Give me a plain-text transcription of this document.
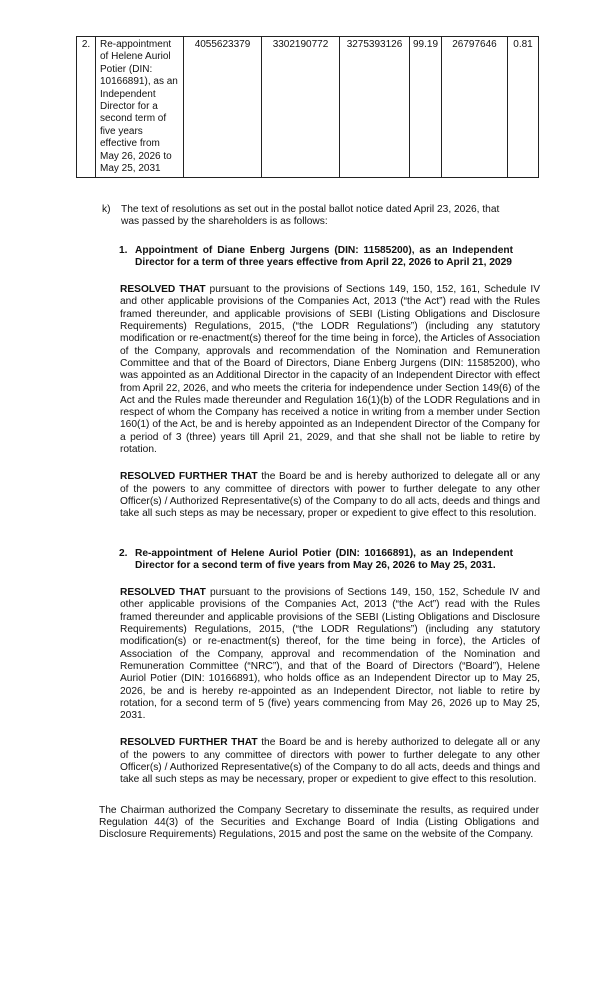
2.	Re-appointment of Helene Auriol Potier (DIN: 10166891), as an Independent Director for a second term of five years effective from May 26, 2026 to May 25, 2031	4055623379	3302190772	3275393126	99.19	26797646	0.81
k)	The text of resolutions as set out in the postal ballot notice dated April 23, 2026, that was passed by the shareholders is as follows:
1. Appointment of Diane Enberg Jurgens (DIN: 11585200), as an Independent Director for a term of three years effective from April 22, 2026 to April 21, 2029

RESOLVED THAT pursuant to the provisions of Sections 149, 150, 152, 161, Schedule IV and other applicable provisions of the Companies Act, 2013 (“the Act”) read with the Rules framed thereunder, and applicable provisions of SEBI (Listing Obligations and Disclosure Requirements) Regulations, 2015, (“the LODR Regulations”) (including any statutory modification or re-enactment(s) thereof for the time being in force), the Articles of Association of the Company, approvals and recommendation of the Nomination and Remuneration Committee and that of the Board of Directors, Diane Enberg Jurgens (DIN: 11585200), who was appointed as an Additional Director in the capacity of an Independent Director with effect from April 22, 2026, and who meets the criteria for independence under Section 149(6) of the Act and the Rules made thereunder and Regulation 16(1)(b) of the LODR Regulations and in respect of whom the Company has received a notice in writing from a member under Section 160(1) of the Act, be and is hereby appointed as an Independent Director of the Company for a period of 3 (three) years till April 21, 2029, and that she shall not be liable to retire by rotation.

RESOLVED FURTHER THAT the Board be and is hereby authorized to delegate all or any of the powers to any committee of directors with power to further delegate to any other Officer(s) / Authorized Representative(s) of the Company to do all acts, deeds and things and take all such steps as may be necessary, proper or expedient to give effect to this resolution.

2. Re-appointment of Helene Auriol Potier (DIN: 10166891), as an Independent Director for a second term of five years from May 26, 2026 to May 25, 2031.

RESOLVED THAT pursuant to the provisions of Sections 149, 150, 152, Schedule IV and other applicable provisions of the Companies Act, 2013 (“the Act”) read with the Rules framed thereunder and applicable provisions of the SEBI (Listing Obligations and Disclosure Requirements) Regulations, 2015, (“the LODR Regulations”) (including any statutory modification(s) or re-enactment(s) thereof, for the time being in force), the Articles of Association of the Company, approval and recommendation of the Nomination and Remuneration Committee (“NRC”), and that of the Board of Directors (“Board”), Helene Auriol Potier (DIN: 10166891), who holds office as an Independent Director up to May 25, 2026, be and is hereby re-appointed as an Independent Director, not liable to retire by rotation, for a second term of 5 (five) years commencing from May 26, 2026 up to May 25, 2031.

RESOLVED FURTHER THAT the Board be and is hereby authorized to delegate all or any of the powers to any committee of directors with power to further delegate to any other Officer(s) / Authorized Representative(s) of the Company to do all acts, deeds and things and take all such steps as may be necessary, proper or expedient to give effect to this resolution.

The Chairman authorized the Company Secretary to disseminate the results, as required under Regulation 44(3) of the Securities and Exchange Board of India (Listing Obligations and Disclosure Requirements) Regulations, 2015 and post the same on the website of the Company.
